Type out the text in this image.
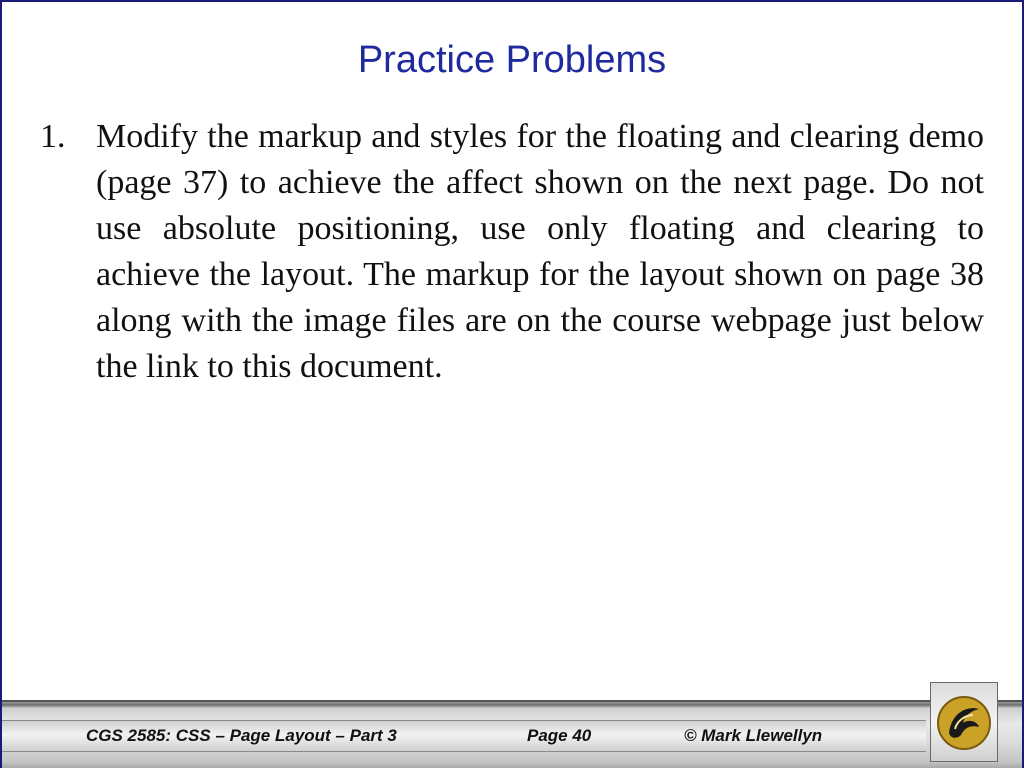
Practice Problems
1. Modify the markup and styles for the floating and clearing demo (page 37) to achieve the affect shown on the next page. Do not use absolute positioning, use only floating and clearing to achieve the layout. The markup for the layout shown on page 38 along with the image files are on the course webpage just below the link to this document.
CGS 2585: CSS – Page Layout – Part 3	Page 40	© Mark Llewellyn
